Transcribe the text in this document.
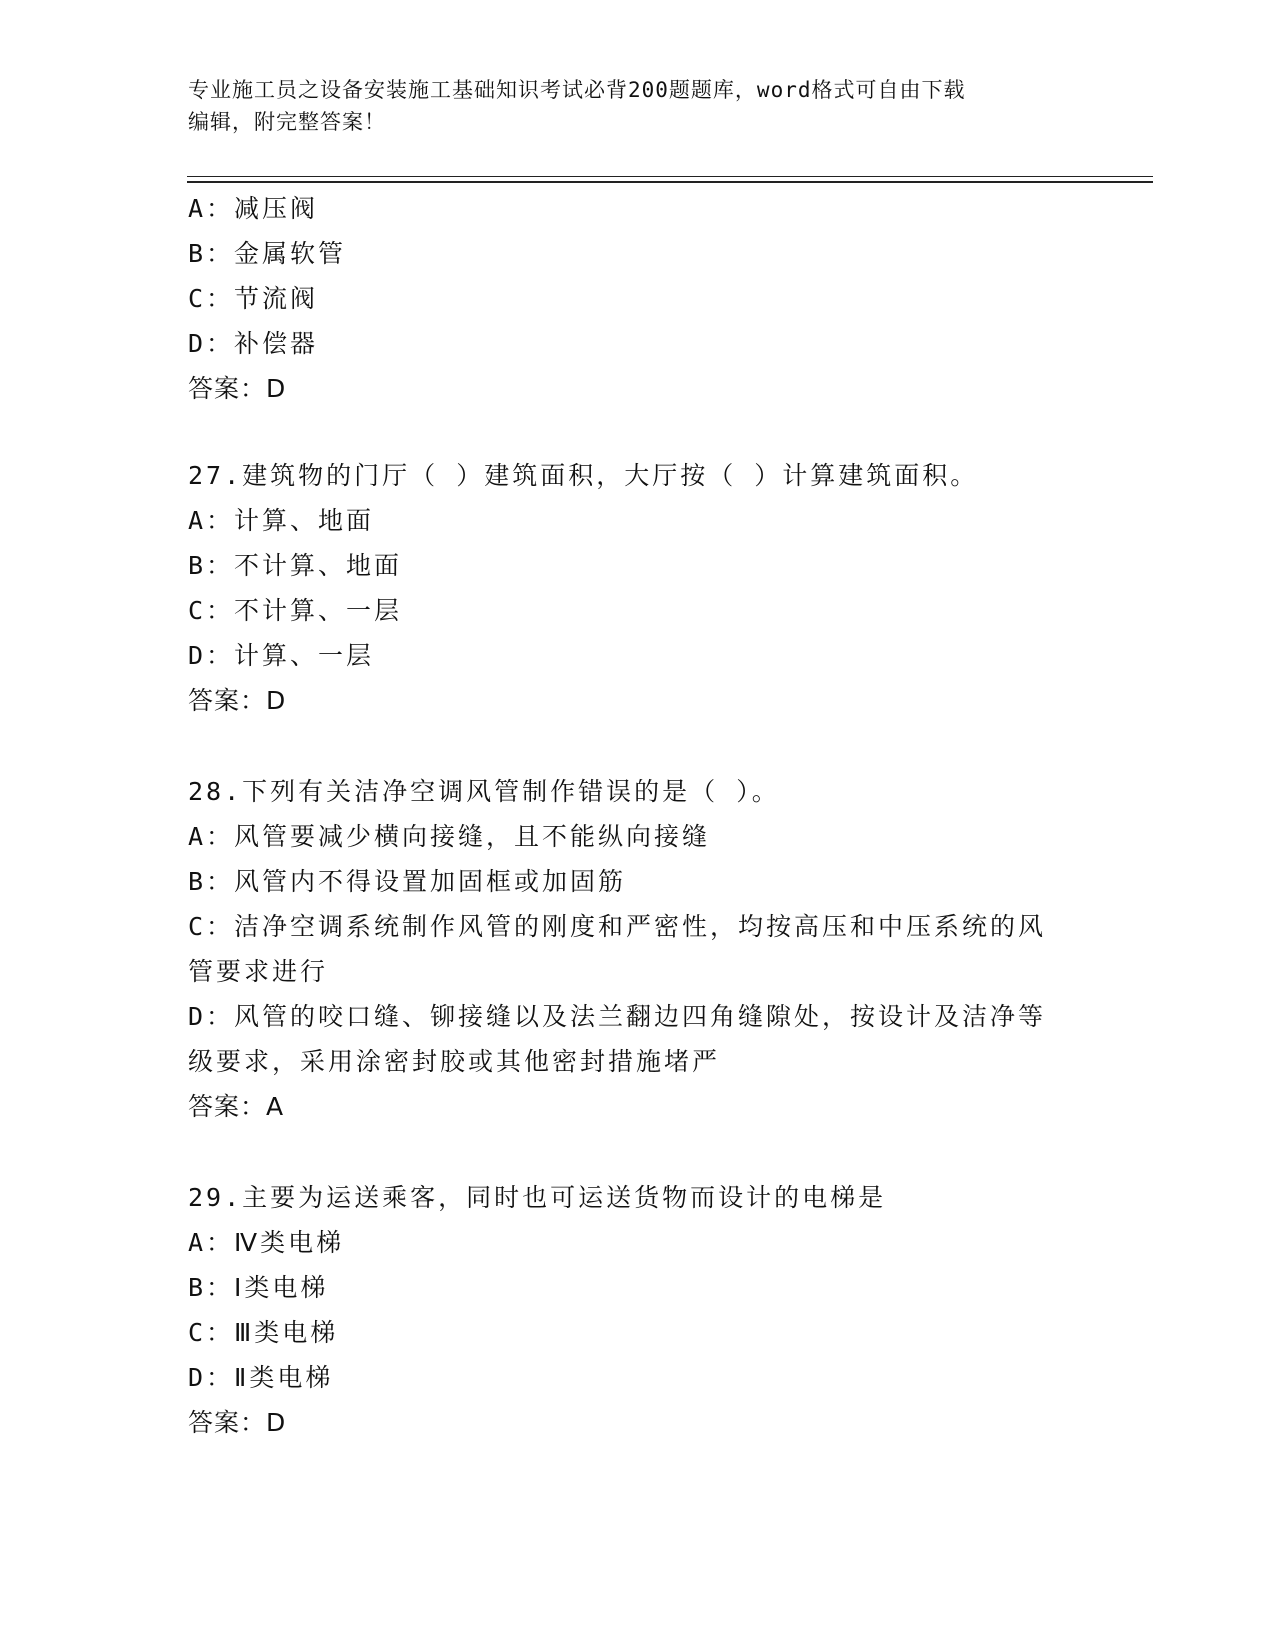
专业施工员之设备安装施工基础知识考试必背200题题库，word格式可自由下载
编辑，附完整答案！
A：减压阀
B：金属软管
C：节流阀
D：补偿器
答案：D
27.建筑物的门厅（ ）建筑面积，大厅按（ ）计算建筑面积。
A：计算、地面
B：不计算、地面
C：不计算、一层
D：计算、一层
答案：D
28.下列有关洁净空调风管制作错误的是（ ）。
A：风管要减少横向接缝，且不能纵向接缝
B：风管内不得设置加固框或加固筋
C：洁净空调系统制作风管的刚度和严密性，均按高压和中压系统的风
管要求进行
D：风管的咬口缝、铆接缝以及法兰翻边四角缝隙处，按设计及洁净等
级要求，采用涂密封胶或其他密封措施堵严
答案：A
29.主要为运送乘客，同时也可运送货物而设计的电梯是
A：Ⅳ类电梯
B：Ⅰ类电梯
C：Ⅲ类电梯
D：Ⅱ类电梯
答案：D
